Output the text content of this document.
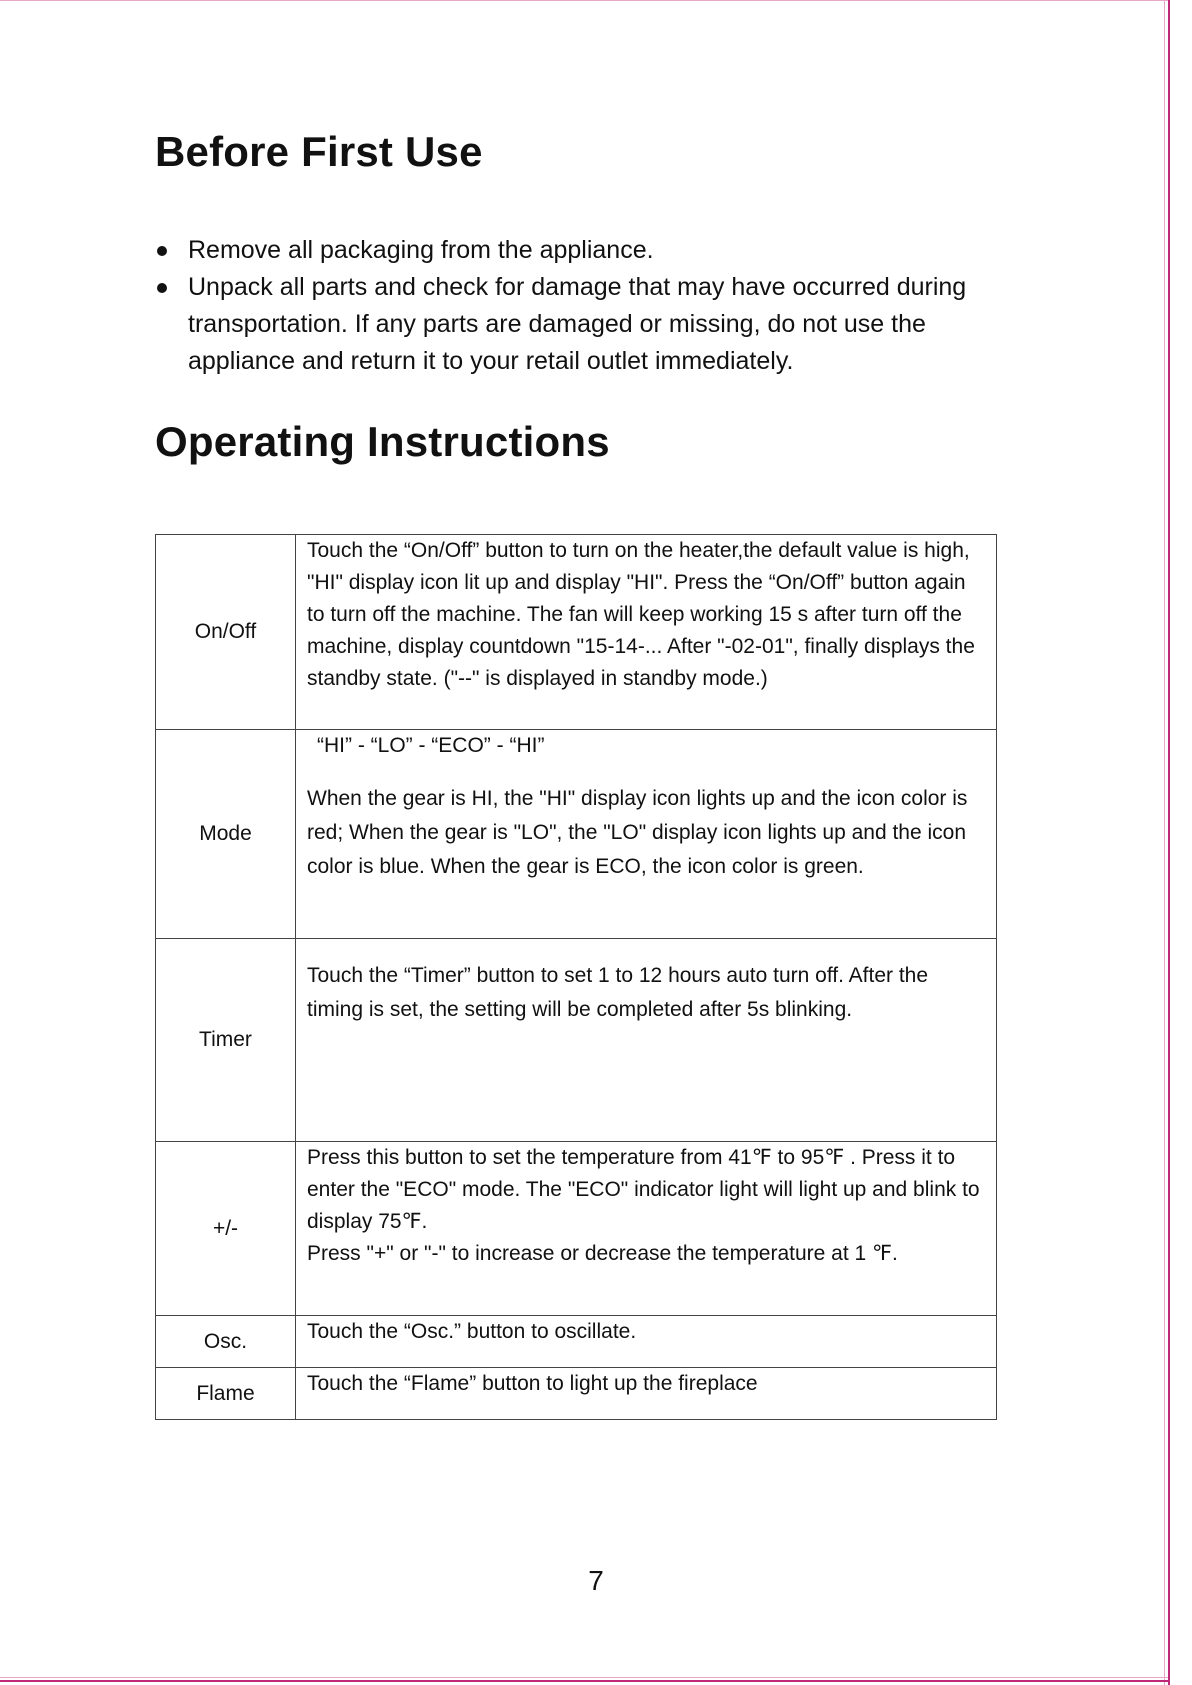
Before First Use
Remove all packaging from the appliance.
Unpack all parts and check for damage that may have occurred during transportation. If any parts are damaged or missing, do not use the appliance and return it to your retail outlet immediately.
Operating Instructions
On/Off	Touch the “On/Off” button to turn on the heater,the default value is high, "HI" display icon lit up and display "HI". Press the “On/Off” button again to turn off the machine. The fan will keep working 15 s after turn off the machine, display countdown "15-14-... After "-02-01", finally displays the standby state. ("--" is displayed in standby mode.)

Mode	“HI” - “LO” - “ECO” - “HI”
When the gear is HI, the "HI" display icon lights up and the icon color is red; When the gear is "LO", the "LO" display icon lights up and the icon color is blue. When the gear is ECO, the icon color is green.

Timer	Touch the “Timer” button to set 1 to 12 hours auto turn off. After the timing is set, the setting will be completed after 5s blinking.

+/-	Press this button to set the temperature from 41℉ to 95℉ . Press it to enter the "ECO" mode. The "ECO" indicator light will light up and blink to display 75℉.
Press "+" or "-" to increase or decrease the temperature at 1 ℉.

Osc.	Touch the “Osc.” button to oscillate.

Flame	Touch the “Flame” button to light up the fireplace
7
